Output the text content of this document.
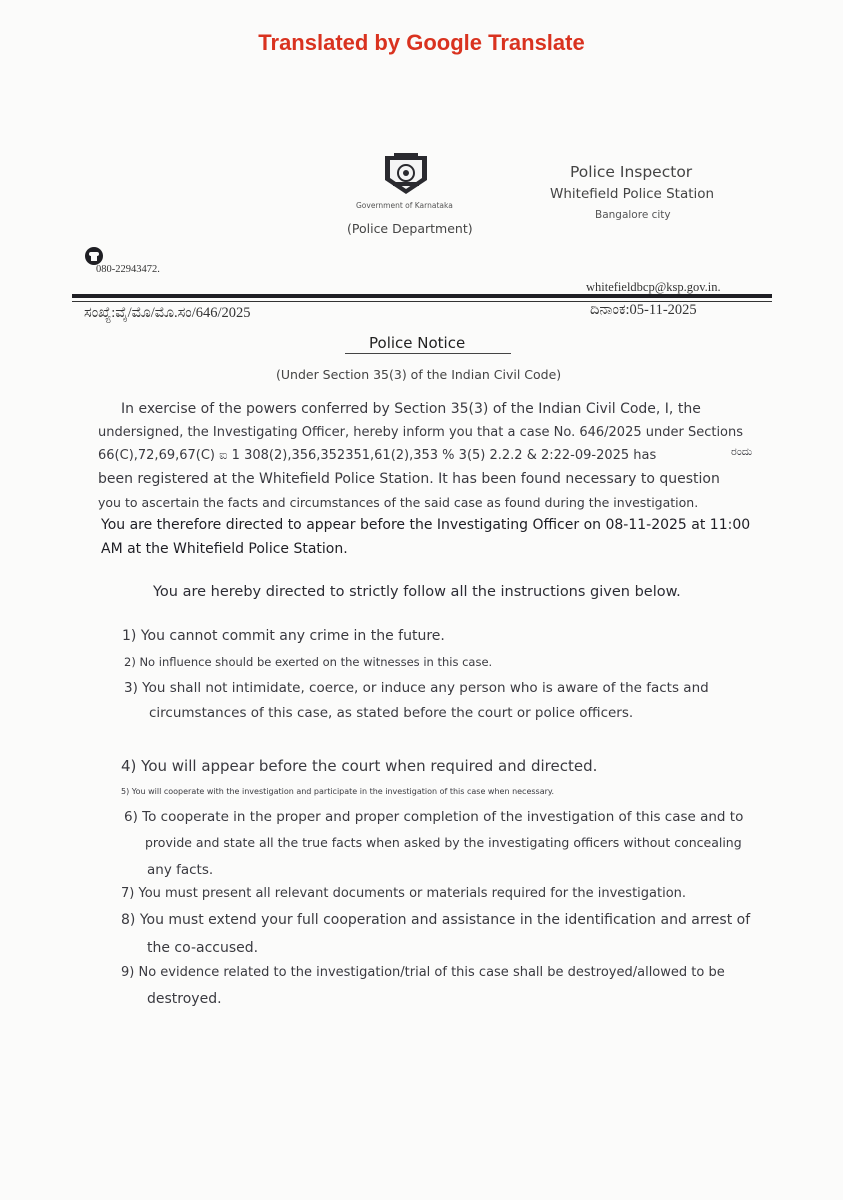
Translated by Google Translate
Government of Karnataka
(Police Department)
Police Inspector
Whitefield Police Station
Bangalore city
080-22943472.
whitefieldbcp@ksp.gov.in.
ಸಂಖ್ಯೆ:ವೈ/ಮೊ/ಮೊ.ಸಂ/646/2025	ದಿನಾಂಕ:05-11-2025
Police Notice
(Under Section 35(3) of the Indian Civil Code)
In exercise of the powers conferred by Section 35(3) of the Indian Civil Code, I, the
undersigned, the Investigating Officer, hereby inform you that a case No. 646/2025 under Sections
66(C),72,69,67(C) ಐ 1 308(2),356,352351,61(2),353 % 3(5) 2.2.2 & 2:22-09-2025 has	ರಂದು
been registered at the Whitefield Police Station. It has been found necessary to question
you to ascertain the facts and circumstances of the said case as found during the investigation.
You are therefore directed to appear before the Investigating Officer on 08-11-2025 at 11:00
AM at the Whitefield Police Station.
You are hereby directed to strictly follow all the instructions given below.
1) You cannot commit any crime in the future.
2) No influence should be exerted on the witnesses in this case.
3) You shall not intimidate, coerce, or induce any person who is aware of the facts and
circumstances of this case, as stated before the court or police officers.
4) You will appear before the court when required and directed.
5) You will cooperate with the investigation and participate in the investigation of this case when necessary.
6) To cooperate in the proper and proper completion of the investigation of this case and to
provide and state all the true facts when asked by the investigating officers without concealing
any facts.
7) You must present all relevant documents or materials required for the investigation.
8) You must extend your full cooperation and assistance in the identification and arrest of
the co-accused.
9) No evidence related to the investigation/trial of this case shall be destroyed/allowed to be
destroyed.
